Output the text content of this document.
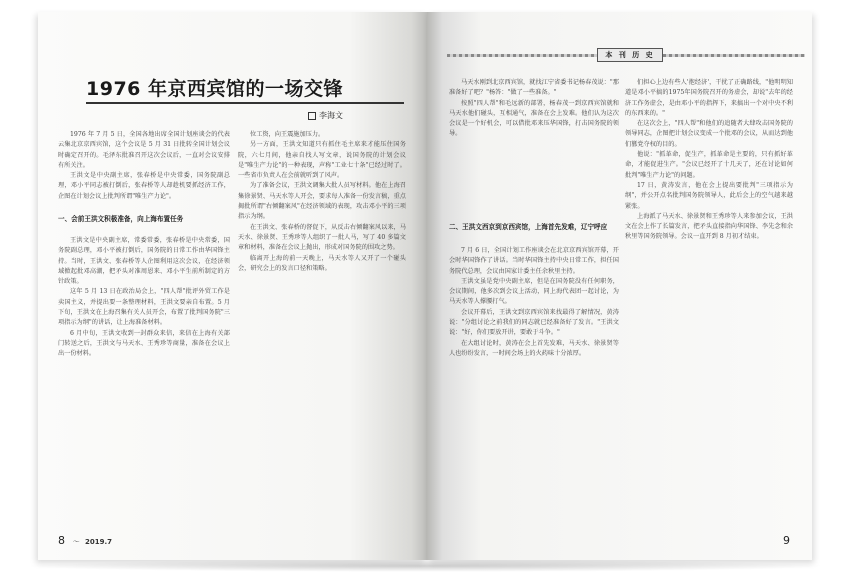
1976 年京西宾馆的一场交锋
李海文

1976 年 7 月 5 日，全国各地出席全国计划座谈会的代表云集北京京西宾馆，这个会议是 5 月 31 日批转全国计划会议时确定召开的。毛泽东批准召开这次会议后，一直对会议安排有所关注。

王洪文是中央副主席，张春桥是中央常委，国务院副总理，邓小平同志被打倒后，张春桥等人却趁机要抓经济工作，企图在计划会议上批判所谓"唯生产力论"。

一、会前王洪文积极准备，向上海布置任务

王洪文是中央副主席，常委常委，张春桥是中央常委，国务院副总理，邓小平被打倒后，国务院的日常工作由华国锋主持。当时，王洪文、张春桥等人企图利用这次会议，在经济领域掀起批邓高潮，把矛头对准周恩来、邓小平生前所制定的方针政策。

这年 5 月 13 日在政治局会上，"四人帮"批评外贸工作是卖国主义，并提出要一条整理材料，王洪文要亲自布置。5 月下旬，王洪文在上海召集有关人员开会，布置了批判国务院"三项指示为纲"的讲话，让上海准备材料。

6 月中旬，王洪文收到一封群众来信，来信在上海有关部门转送之后，王洪文与马天水、王秀珍等商量，准备在会议上出一份材料。

位工资，向王震施加压力。

另一方面，王洪文知道只有抓住毛主席来才能压住国务院，六七月间，他亲自找人写文章，说国务院的计划会议是"唯生产力论"的一种表现，声称"工业七十条"已经过时了。一些省市负责人在会前就听到了风声。

为了准备会议，王洪文调集大批人员写材料。他在上海召集徐景贤、马天水等人开会，要求每人准备一份发言稿，重点揭批所谓"右倾翻案风"在经济领域的表现，攻击邓小平的三项指示为纲。

在王洪文、张春桥的督促下，从反击右倾翻案风以来，马天水、徐景贤、王秀珍等人组织了一批人马，写了 40 多篇文章和材料，准备在会议上抛出，形成对国务院的围攻之势。

临离开上海的前一天晚上，马天水等人又开了一个碰头会，研究会上的发言口径和策略。

8 ～ 2019.7
本 刊 历 史

马天水刚到北京西宾馆，就找江宁省委书记杨春茂说："那准备好了吧？"杨答："做了一些准备。"

按照"四人帮"和毛远新的部署，杨春茂一到京西宾馆就和马天水他们碰头，互相通气，准备在会上发难。他们认为这次会议是一个好机会，可以借批邓来压华国锋，打击国务院的领导。

二、王洪文西京到京西宾馆，上海首先发难，辽宁呼应

7 月 6 日，全国计划工作座谈会在北京京西宾馆开幕，开会时华国锋作了讲话。当时华国锋主持中央日常工作，担任国务院代总理，会议由国家计委主任余秋里主持。

王洪文虽是党中央副主席，但是在国务院没有任何职务，会议期间，他多次到会议上活动，同上海代表团一起讨论，为马天水等人撑腰打气。

会议开幕后，王洪文到京西宾馆来找最得了解情况，黄涛说："分组讨论之前我们的同志就已经准备好了发言。"王洪文说："好，你们要放开讲，要敢于斗争。"

在大组讨论时，黄涛在会上首先发难，马天水、徐景贤等人也纷纷发言，一时间会场上的火药味十分浓厚。

们担心上边有些人'抱经济'，干扰了正确路线，"他明明知道是邓小平搞的1975年国务院召开的务虚会，却说"去年的经济工作务虚会，是由邓小平的指挥下，来搞出一个对中央不利的东西来的。"

在这次会上，"四人帮"和他们的追随者大肆攻击国务院的领导同志，企图把计划会议变成一个批邓的会议，从而达到他们篡党夺权的目的。

他说："抓革命，促生产，抓革命是主要的，只有抓好革命，才能促进生产。"会议已经开了十几天了，还在讨论如何批判"唯生产力论"的问题。

17 日，黄涛发言，他在会上提出要批判"三项指示为纲"，并公开点名批判国务院领导人，此后会上的空气越来越紧张。

上海派了马天水、徐景贤和王秀珍等人来参加会议，王洪文在会上作了长篇发言，把矛头直接指向华国锋、李先念和余秋里等国务院领导。会议一直开到 8 月初才结束。

9
